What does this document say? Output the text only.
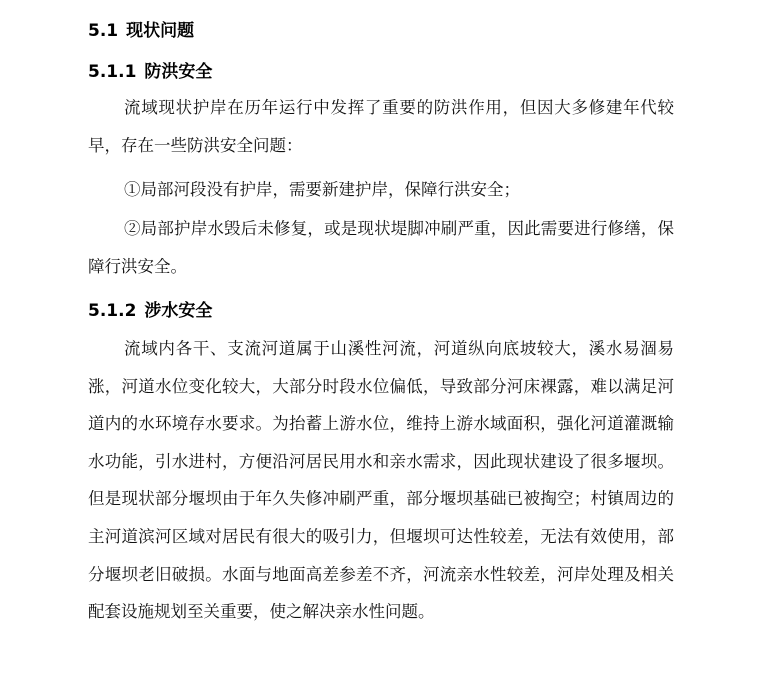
5.1 现状问题
5.1.1 防洪安全

流域现状护岸在历年运行中发挥了重要的防洪作用，但因大多修建年代较早，存在一些防洪安全问题：

①局部河段没有护岸，需要新建护岸，保障行洪安全；

②局部护岸水毁后未修复，或是现状堤脚冲刷严重，因此需要进行修缮，保障行洪安全。

5.1.2 涉水安全

流域内各干、支流河道属于山溪性河流，河道纵向底坡较大，溪水易涸易涨，河道水位变化较大，大部分时段水位偏低，导致部分河床裸露，难以满足河道内的水环境存水要求。为抬蓄上游水位，维持上游水域面积，强化河道灌溉输水功能，引水进村，方便沿河居民用水和亲水需求，因此现状建设了很多堰坝。但是现状部分堰坝由于年久失修冲刷严重，部分堰坝基础已被掏空；村镇周边的主河道滨河区域对居民有很大的吸引力，但堰坝可达性较差，无法有效使用，部分堰坝老旧破损。水面与地面高差参差不齐，河流亲水性较差，河岸处理及相关配套设施规划至关重要，使之解决亲水性问题。
